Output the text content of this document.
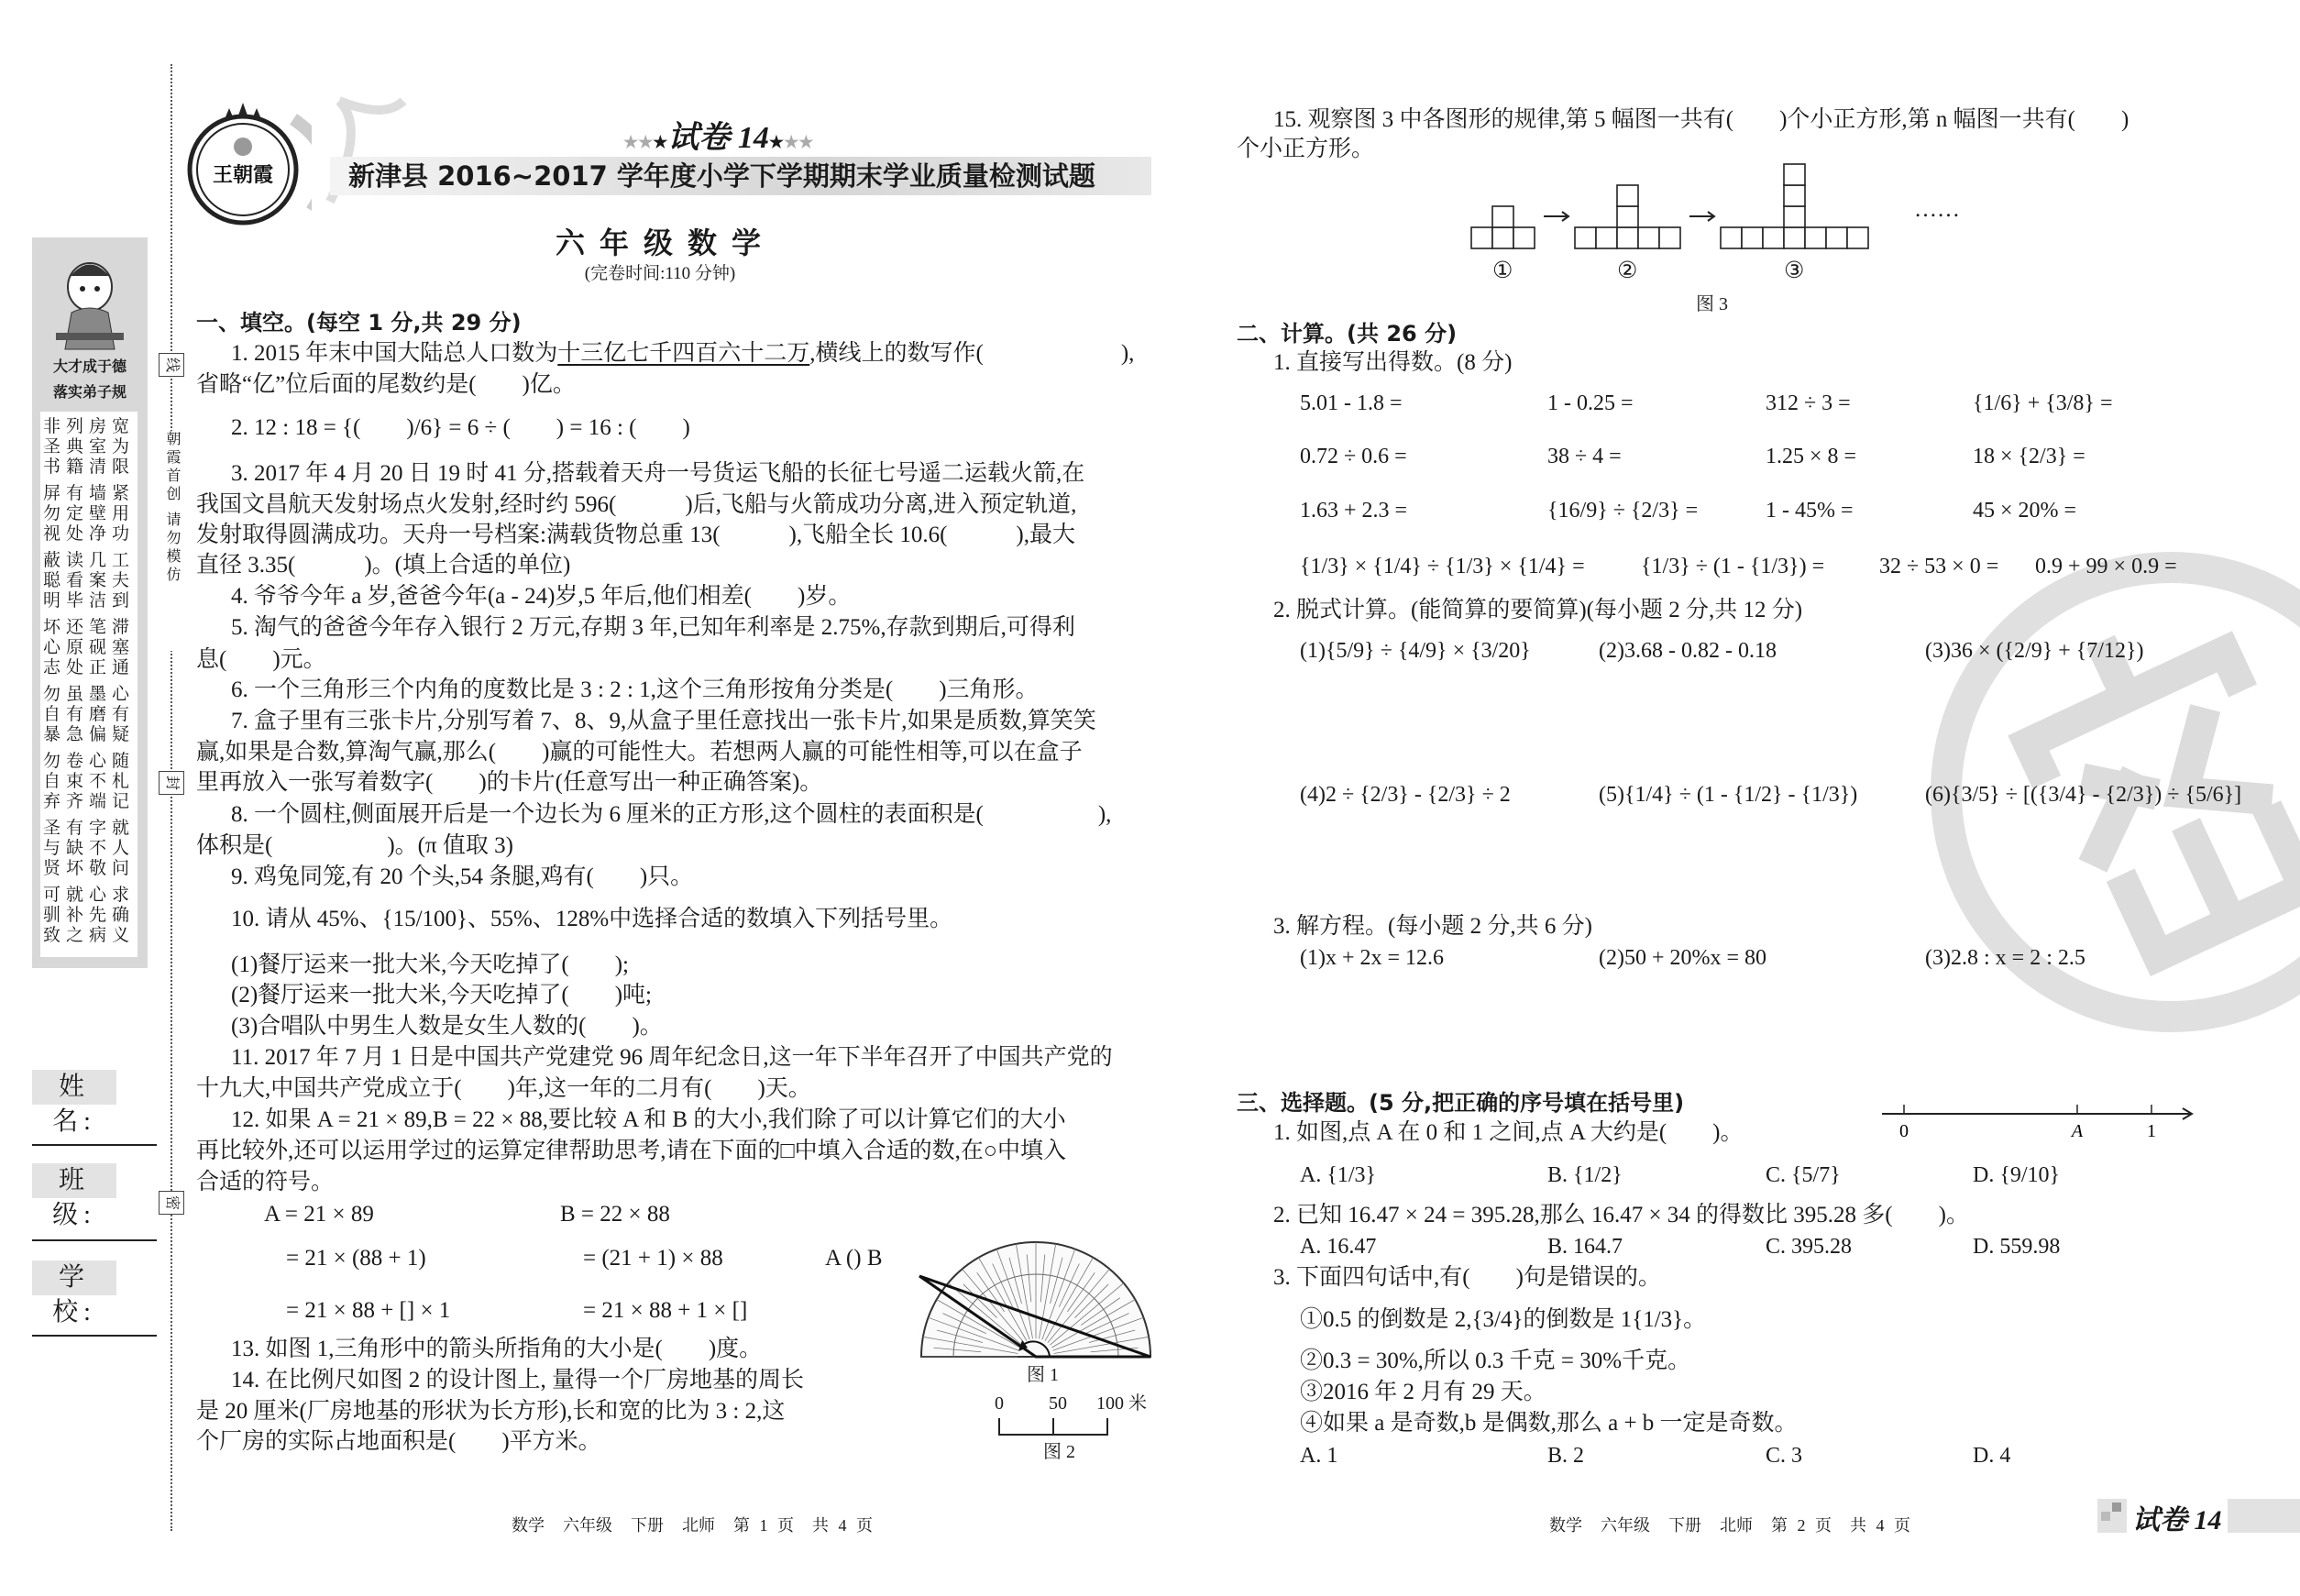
王朝霞
★★★试卷 14★★★
新津县 2016~2017 学年度小学下学期期末学业质量检测试题
六 年 级 数 学
(完卷时间:110 分钟)
大才成于德
落实弟子规
非列房宽
圣典室为
书籍清限
屏有墙紧
勿定壁用
视处净功
蔽读几工
聪看案夫
明毕洁到
坏还笔滞
心原砚塞
志处正通
勿虽墨心
自有磨有
暴急偏疑
勿卷心随
自束不札
弃齐端记
圣有字就
与缺不人
贤坏敬问
可就心求
驯补先确
致之病义
线
朝霞首创 请勿模仿
封
密
姓 名:
班 级:
学 校:
一、填空。(每空 1 分,共 29 分)
1. 2015 年末中国大陆总人口数为十三亿七千四百六十二万,横线上的数写作(　　　　　　),
省略“亿”位后面的尾数约是(　　)亿。
2. 12 : 18 = {(　　)/6} = 6 ÷ (　　) = 16 : (　　)
3. 2017 年 4 月 20 日 19 时 41 分,搭载着天舟一号货运飞船的长征七号遥二运载火箭,在
我国文昌航天发射场点火发射,经时约 596(　　　)后,飞船与火箭成功分离,进入预定轨道,
发射取得圆满成功。天舟一号档案:满载货物总重 13(　　　),飞船全长 10.6(　　　),最大
直径 3.35(　　　)。(填上合适的单位)
4. 爷爷今年 a 岁,爸爸今年(a - 24)岁,5 年后,他们相差(　　)岁。
5. 淘气的爸爸今年存入银行 2 万元,存期 3 年,已知年利率是 2.75%,存款到期后,可得利
息(　　)元。
6. 一个三角形三个内角的度数比是 3 : 2 : 1,这个三角形按角分类是(　　)三角形。
7. 盒子里有三张卡片,分别写着 7、8、9,从盒子里任意找出一张卡片,如果是质数,算笑笑
赢,如果是合数,算淘气赢,那么(　　)赢的可能性大。若想两人赢的可能性相等,可以在盒子
里再放入一张写着数字(　　)的卡片(任意写出一种正确答案)。
8. 一个圆柱,侧面展开后是一个边长为 6 厘米的正方形,这个圆柱的表面积是(　　　　　),
体积是(　　　　　)。(π 值取 3)
9. 鸡兔同笼,有 20 个头,54 条腿,鸡有(　　)只。
10. 请从 45%、{15/100}、55%、128%中选择合适的数填入下列括号里。
(1)餐厅运来一批大米,今天吃掉了(　　);
(2)餐厅运来一批大米,今天吃掉了(　　)吨;
(3)合唱队中男生人数是女生人数的(　　)。
11. 2017 年 7 月 1 日是中国共产党建党 96 周年纪念日,这一年下半年召开了中国共产党的
十九大,中国共产党成立于(　　)年,这一年的二月有(　　)天。
12. 如果 A = 21 × 89,B = 22 × 88,要比较 A 和 B 的大小,我们除了可以计算它们的大小
再比较外,还可以运用学过的运算定律帮助思考,请在下面的□中填入合适的数,在○中填入
合适的符号。
A = 21 × 89	B = 22 × 88
= 21 × (88 + 1)	= (21 + 1) × 88	A () B
= 21 × 88 + [] × 1	= 21 × 88 + 1 × []
13. 如图 1,三角形中的箭头所指角的大小是(　　)度。
14. 在比例尺如图 2 的设计图上, 量得一个厂房地基的周长
是 20 厘米(厂房地基的形状为长方形),长和宽的比为 3 : 2,这
个厂房的实际占地面积是(　　)平方米。
图 1
0 50 100 米
图 2
数学 六年级 下册 北师 第 1 页 共 4 页
15. 观察图 3 中各图形的规律,第 5 幅图一共有(　　)个小正方形,第 n 幅图一共有(　　)
个小正方形。
……
①	②	③
图 3
二、计算。(共 26 分)
1. 直接写出得数。(8 分)
5.01 - 1.8 =	1 - 0.25 =	312 ÷ 3 =	{1/6} + {3/8} =
0.72 ÷ 0.6 =	38 ÷ 4 =	1.25 × 8 =	18 × {2/3} =
1.63 + 2.3 =	{16/9} ÷ {2/3} =	1 - 45% =	45 × 20% =
{1/3} × {1/4} ÷ {1/3} × {1/4} =	{1/3} ÷ (1 - {1/3}) = 32 ÷ 53 × 0 = 0.9 + 99 × 0.9 =
2. 脱式计算。(能简算的要简算)(每小题 2 分,共 12 分)
(1){5/9} ÷ {4/9} × {3/20}	(2)3.68 - 0.82 - 0.18	(3)36 × ({2/9} + {7/12})
(4)2 ÷ {2/3} - {2/3} ÷ 2	(5){1/4} ÷ (1 - {1/2} - {1/3})	(6){3/5} ÷ [({3/4} - {2/3}) ÷ {5/6}]
3. 解方程。(每小题 2 分,共 6 分)
(1)x + 2x = 12.6	(2)50 + 20%x = 80	(3)2.8 : x = 2 : 2.5
三、选择题。(5 分,把正确的序号填在括号里)
1. 如图,点 A 在 0 和 1 之间,点 A 大约是(　　)。	0	A	1
A. {1/3}	B. {1/2}	C. {5/7}	D. {9/10}
2. 已知 16.47 × 24 = 395.28,那么 16.47 × 34 的得数比 395.28 多(　　)。
A. 16.47	B. 164.7	C. 395.28	D. 559.98
3. 下面四句话中,有(　　)句是错误的。
①0.5 的倒数是 2,{3/4}的倒数是 1{1/3}。
②0.3 = 30%,所以 0.3 千克 = 30%千克。
③2016 年 2 月有 29 天。
④如果 a 是奇数,b 是偶数,那么 a + b 一定是奇数。
A. 1	B. 2	C. 3	D. 4
数学 六年级 下册 北师 第 2 页 共 4 页	试卷 14
